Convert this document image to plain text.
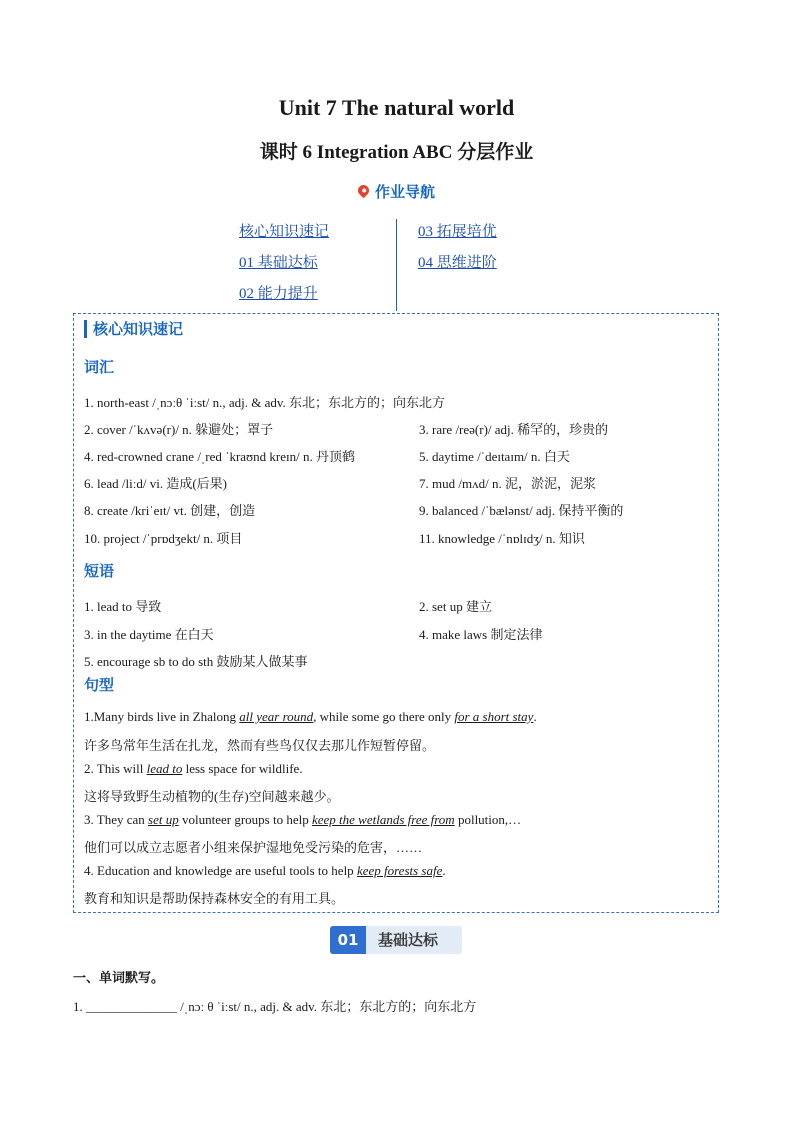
Unit 7 The natural world
课时 6 Integration ABC 分层作业
作业导航
核心知识速记
01 基础达标
02 能力提升
03 拓展培优
04 思维进阶
核心知识速记
词汇
1. north-east /ˌnɔːθ ˈiːst/ n., adj. & adv. 东北；东北方的；向东北方
2. cover /ˈkʌvə(r)/ n. 躲避处；罩子	3. rare /reə(r)/ adj. 稀罕的，珍贵的
4. red-crowned crane /ˌred ˈkraʊnd kreɪn/ n. 丹顶鹤	5. daytime /ˈdeɪtaɪm/ n. 白天
6. lead /liːd/ vi. 造成(后果)	7. mud /mʌd/ n. 泥，淤泥，泥浆
8. create /kriˈeɪt/ vt. 创建，创造	9. balanced /ˈbælənst/ adj. 保持平衡的
10. project /ˈprɒdʒekt/ n. 项目	11. knowledge /ˈnɒlɪdʒ/ n. 知识
短语
1. lead to 导致	2. set up 建立
3. in the daytime 在白天	4. make laws 制定法律
5. encourage sb to do sth 鼓励某人做某事
句型
1.Many birds live in Zhalong all year round, while some go there only for a short stay.
许多鸟常年生活在扎龙，然而有些鸟仅仅去那儿作短暂停留。
2. This will lead to less space for wildlife.
这将导致野生动植物的(生存)空间越来越少。
3. They can set up volunteer groups to help keep the wetlands free from pollution,…
他们可以成立志愿者小组来保护湿地免受污染的危害，……
4. Education and knowledge are useful tools to help keep forests safe.
教育和知识是帮助保持森林安全的有用工具。
01	基础达标
一、单词默写。
1. ______________ /ˌnɔː θ ˈiːst/ n., adj. & adv. 东北；东北方的；向东北方
